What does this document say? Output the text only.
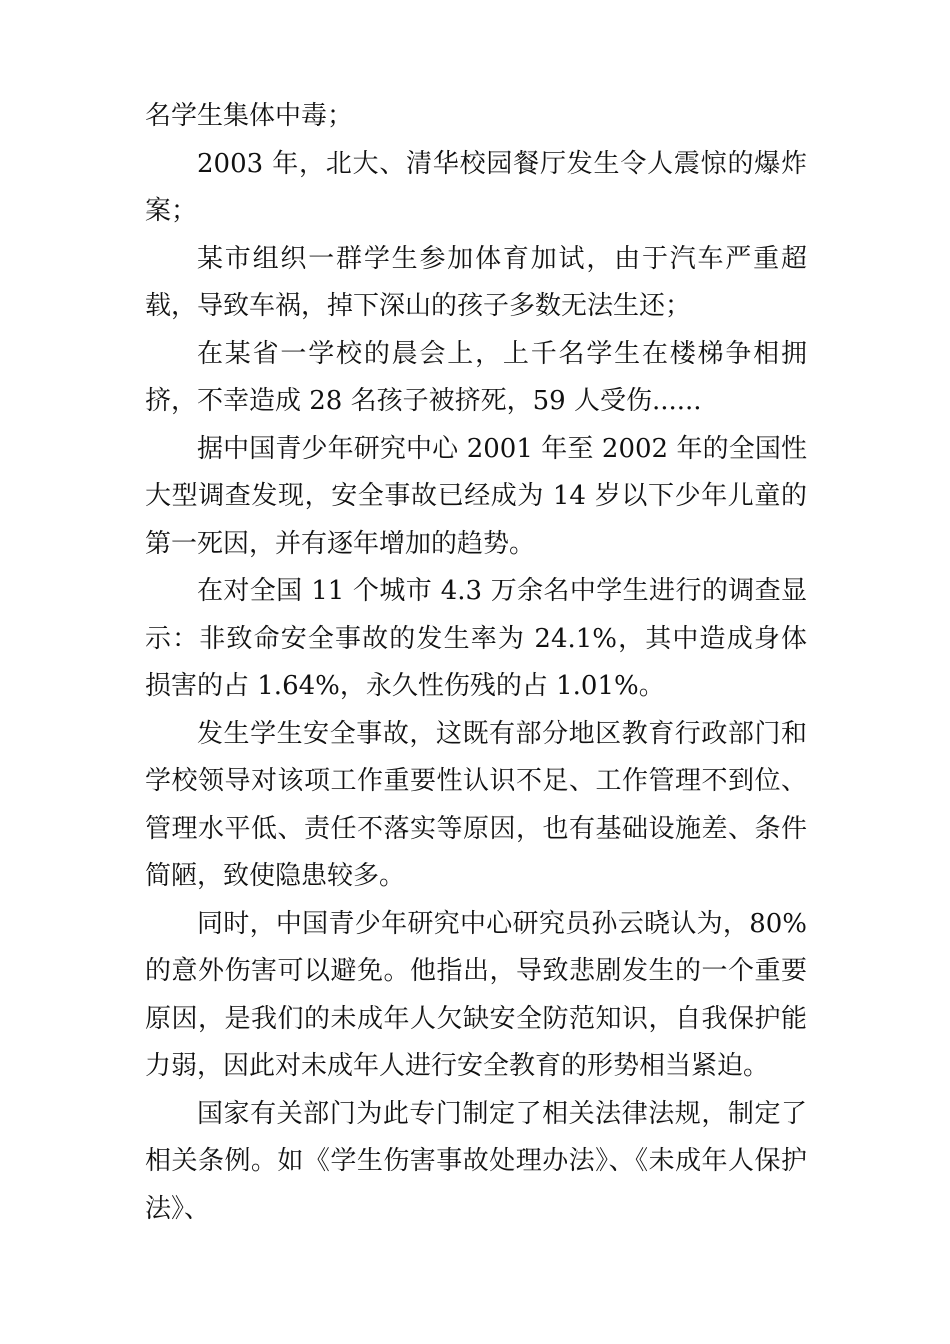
名学生集体中毒；

2003 年，北大、清华校园餐厅发生令人震惊的爆炸案；

某市组织一群学生参加体育加试，由于汽车严重超载，导致车祸，掉下深山的孩子多数无法生还；

在某省一学校的晨会上，上千名学生在楼梯争相拥挤，不幸造成 28 名孩子被挤死，59 人受伤......

据中国青少年研究中心 2001 年至 2002 年的全国性大型调查发现，安全事故已经成为 14 岁以下少年儿童的第一死因，并有逐年增加的趋势。

在对全国 11 个城市 4.3 万余名中学生进行的调查显示：非致命安全事故的发生率为 24.1%，其中造成身体损害的占 1.64%，永久性伤残的占 1.01%。

发生学生安全事故，这既有部分地区教育行政部门和学校领导对该项工作重要性认识不足、工作管理不到位、管理水平低、责任不落实等原因，也有基础设施差、条件简陋，致使隐患较多。

同时，中国青少年研究中心研究员孙云晓认为，80%的意外伤害可以避免。他指出，导致悲剧发生的一个重要原因，是我们的未成年人欠缺安全防范知识，自我保护能力弱，因此对未成年人进行安全教育的形势相当紧迫。

国家有关部门为此专门制定了相关法律法规，制定了相关条例。如《学生伤害事故处理办法》、《未成年人保护法》、
